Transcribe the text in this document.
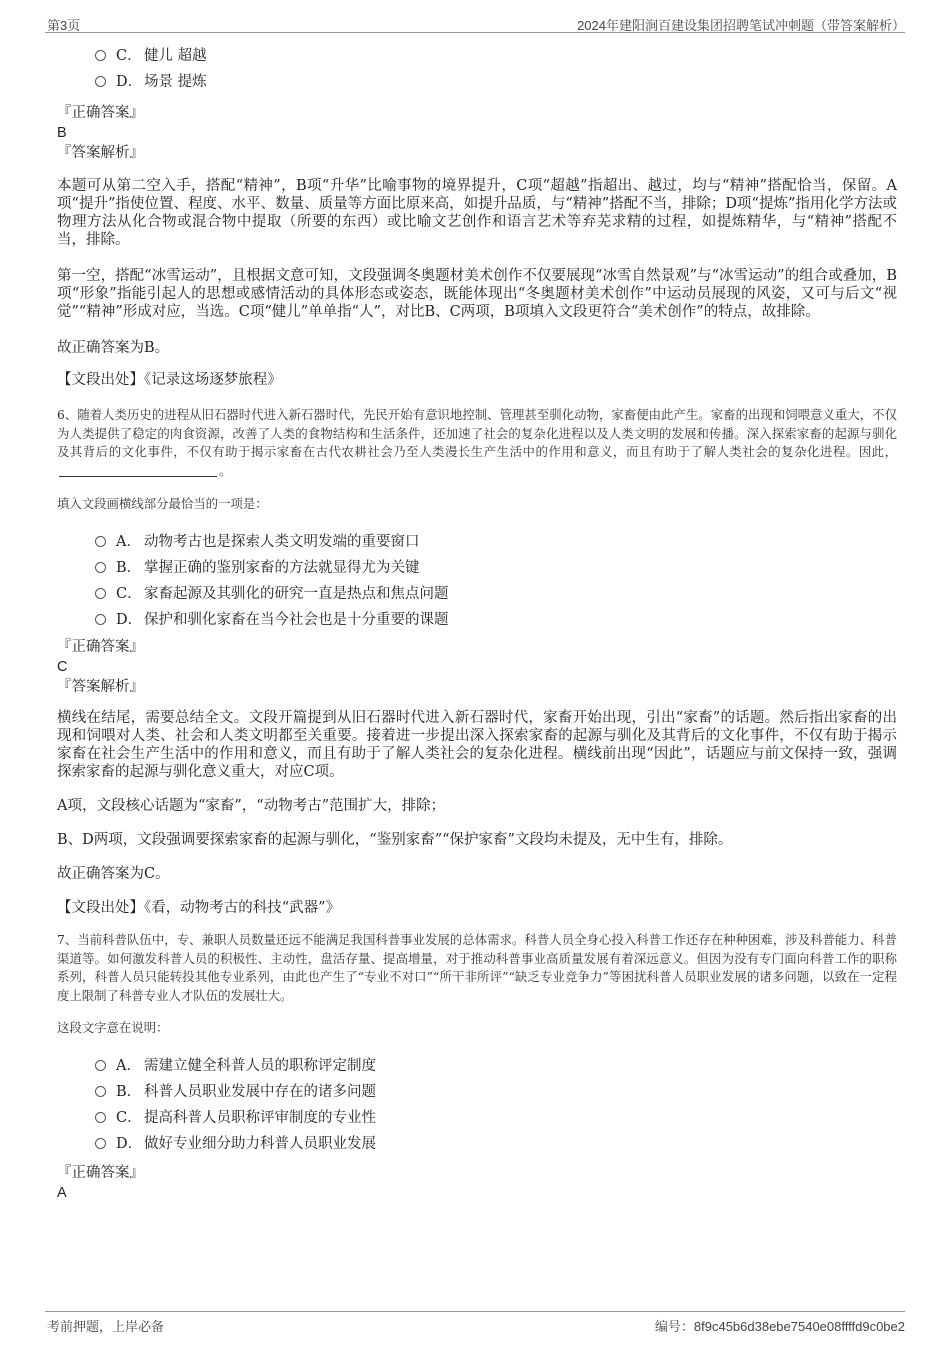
第3页	2024年建阳涧百建设集团招聘笔试冲刺题（带答案解析）
C． 健儿 超越
D． 场景 提炼
『正确答案』
B
『答案解析』

本题可从第二空入手，搭配“精神”，B项“升华”比喻事物的境界提升，C项“超越”指超出、越过，均与“精神”搭配恰当，保留。A项“提升”指使位置、程度、水平、数量、质量等方面比原来高，如提升品质，与“精神”搭配不当，排除；D项“提炼”指用化学方法或物理方法从化合物或混合物中提取（所要的东西）或比喻文艺创作和语言艺术等弃芜求精的过程，如提炼精华，与“精神”搭配不当，排除。

第一空，搭配“冰雪运动”，且根据文意可知，文段强调冬奥题材美术创作不仅要展现“冰雪自然景观”与“冰雪运动”的组合或叠加，B项“形象”指能引起人的思想或感情活动的具体形态或姿态，既能体现出“冬奥题材美术创作”中运动员展现的风姿，又可与后文“视觉”“精神”形成对应，当选。C项“健儿”单单指“人”，对比B、C两项，B项填入文段更符合“美术创作”的特点，故排除。

故正确答案为B。

【文段出处】《记录这场逐梦旅程》

6、随着人类历史的进程从旧石器时代进入新石器时代，先民开始有意识地控制、管理甚至驯化动物，家畜便由此产生。家畜的出现和饲喂意义重大，不仅为人类提供了稳定的肉食资源，改善了人类的食物结构和生活条件，还加速了社会的复杂化进程以及人类文明的发展和传播。深入探索家畜的起源与驯化及其背后的文化事件，不仅有助于揭示家畜在古代农耕社会乃至人类漫长生产生活中的作用和意义，而且有助于了解人类社会的复杂化进程。因此，。

填入文段画横线部分最恰当的一项是：
A． 动物考古也是探索人类文明发端的重要窗口
B． 掌握正确的鉴别家畜的方法就显得尤为关键
C． 家畜起源及其驯化的研究一直是热点和焦点问题
D． 保护和驯化家畜在当今社会也是十分重要的课题
『正确答案』
C
『答案解析』

横线在结尾，需要总结全文。文段开篇提到从旧石器时代进入新石器时代，家畜开始出现，引出“家畜”的话题。然后指出家畜的出现和饲喂对人类、社会和人类文明都至关重要。接着进一步提出深入探索家畜的起源与驯化及其背后的文化事件，不仅有助于揭示家畜在社会生产生活中的作用和意义，而且有助于了解人类社会的复杂化进程。横线前出现“因此”，话题应与前文保持一致，强调探索家畜的起源与驯化意义重大，对应C项。

A项，文段核心话题为“家畜”，“动物考古”范围扩大，排除；

B、D两项，文段强调要探索家畜的起源与驯化，“鉴别家畜”“保护家畜”文段均未提及，无中生有，排除。

故正确答案为C。

【文段出处】《看，动物考古的科技“武器”》

7、当前科普队伍中，专、兼职人员数量还远不能满足我国科普事业发展的总体需求。科普人员全身心投入科普工作还存在种种困难，涉及科普能力、科普渠道等。如何激发科普人员的积极性、主动性，盘活存量、提高增量，对于推动科普事业高质量发展有着深远意义。但因为没有专门面向科普工作的职称系列，科普人员只能转投其他专业系列，由此也产生了“专业不对口”“所干非所评”“缺乏专业竞争力”等困扰科普人员职业发展的诸多问题，以致在一定程度上限制了科普专业人才队伍的发展壮大。

这段文字意在说明：
A． 需建立健全科普人员的职称评定制度
B． 科普人员职业发展中存在的诸多问题
C． 提高科普人员职称评审制度的专业性
D． 做好专业细分助力科普人员职业发展
『正确答案』
A
考前押题，上岸必备	编号：8f9c45b6d38ebe7540e08ffffd9c0be2
